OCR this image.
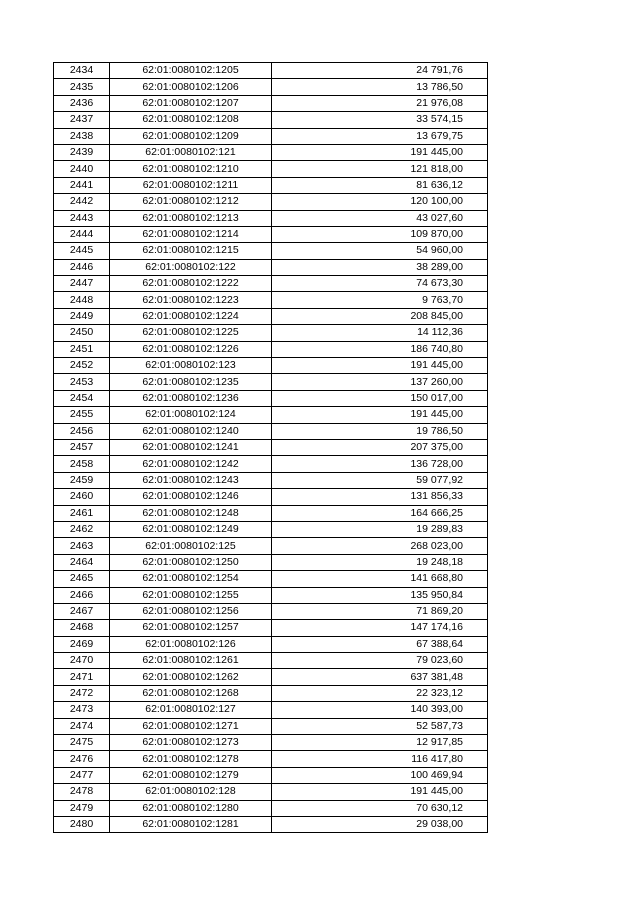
2434	62:01:0080102:1205	24 791,76
2435	62:01:0080102:1206	13 786,50
2436	62:01:0080102:1207	21 976,08
2437	62:01:0080102:1208	33 574,15
2438	62:01:0080102:1209	13 679,75
2439	62:01:0080102:121	191 445,00
2440	62:01:0080102:1210	121 818,00
2441	62:01:0080102:1211	81 636,12
2442	62:01:0080102:1212	120 100,00
2443	62:01:0080102:1213	43 027,60
2444	62:01:0080102:1214	109 870,00
2445	62:01:0080102:1215	54 960,00
2446	62:01:0080102:122	38 289,00
2447	62:01:0080102:1222	74 673,30
2448	62:01:0080102:1223	9 763,70
2449	62:01:0080102:1224	208 845,00
2450	62:01:0080102:1225	14 112,36
2451	62:01:0080102:1226	186 740,80
2452	62:01:0080102:123	191 445,00
2453	62:01:0080102:1235	137 260,00
2454	62:01:0080102:1236	150 017,00
2455	62:01:0080102:124	191 445,00
2456	62:01:0080102:1240	19 786,50
2457	62:01:0080102:1241	207 375,00
2458	62:01:0080102:1242	136 728,00
2459	62:01:0080102:1243	59 077,92
2460	62:01:0080102:1246	131 856,33
2461	62:01:0080102:1248	164 666,25
2462	62:01:0080102:1249	19 289,83
2463	62:01:0080102:125	268 023,00
2464	62:01:0080102:1250	19 248,18
2465	62:01:0080102:1254	141 668,80
2466	62:01:0080102:1255	135 950,84
2467	62:01:0080102:1256	71 869,20
2468	62:01:0080102:1257	147 174,16
2469	62:01:0080102:126	67 388,64
2470	62:01:0080102:1261	79 023,60
2471	62:01:0080102:1262	637 381,48
2472	62:01:0080102:1268	22 323,12
2473	62:01:0080102:127	140 393,00
2474	62:01:0080102:1271	52 587,73
2475	62:01:0080102:1273	12 917,85
2476	62:01:0080102:1278	116 417,80
2477	62:01:0080102:1279	100 469,94
2478	62:01:0080102:128	191 445,00
2479	62:01:0080102:1280	70 630,12
2480	62:01:0080102:1281	29 038,00
